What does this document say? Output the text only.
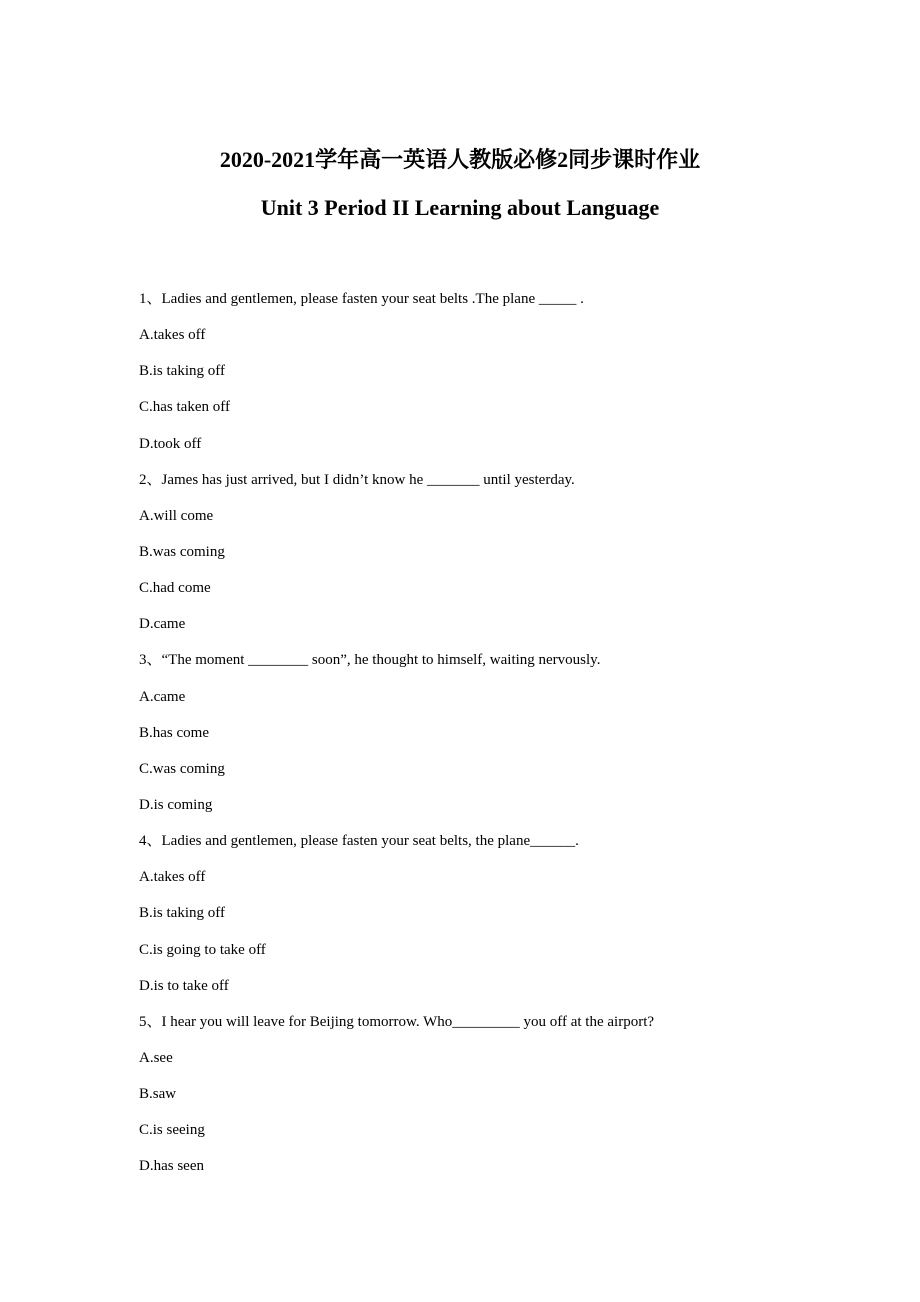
2020-2021学年高一英语人教版必修2同步课时作业
Unit 3 Period II Learning about Language
1、Ladies and gentlemen, please fasten your seat belts .The plane _____ .
A.takes off
B.is taking off
C.has taken off
D.took off
2、James has just arrived, but I didn’t know he _______ until yesterday.
A.will come
B.was coming
C.had come
D.came
3、“The moment ________ soon”, he thought to himself, waiting nervously.
A.came
B.has come
C.was coming
D.is coming
4、Ladies and gentlemen, please fasten your seat belts, the plane______.
A.takes off
B.is taking off
C.is going to take off
D.is to take off
5、I hear you will leave for Beijing tomorrow. Who_________ you off at the airport?
A.see
B.saw
C.is seeing
D.has seen
